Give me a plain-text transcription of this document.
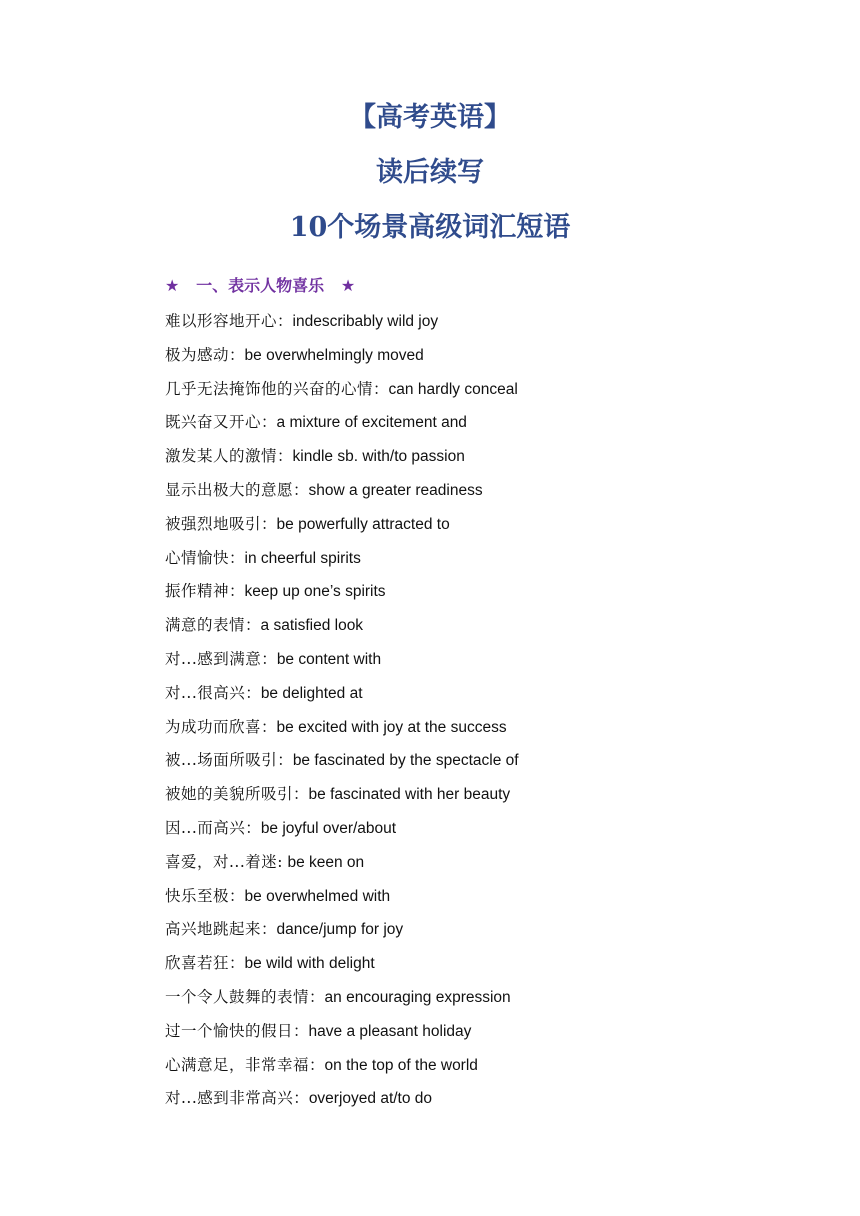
【高考英语】
读后续写
10个场景高级词汇短语
★ 一、表示人物喜乐 ★
难以形容地开心：indescribably wild joy
极为感动：be overwhelmingly moved
几乎无法掩饰他的兴奋的心情：can hardly conceal
既兴奋又开心：a mixture of excitement and
激发某人的激情：kindle sb. with/to passion
显示出极大的意愿：show a greater readiness
被强烈地吸引：be powerfully attracted to
心情愉快：in cheerful spirits
振作精神：keep up one’s spirits
满意的表情：a satisfied look
对...感到满意：be content with
对...很高兴：be delighted at
为成功而欣喜：be excited with joy at the success
被...场面所吸引：be fascinated by the spectacle of
被她的美貌所吸引：be fascinated with her beauty
因...而高兴：be joyful over/about
喜爱，对...着迷: be keen on
快乐至极：be overwhelmed with
高兴地跳起来：dance/jump for joy
欣喜若狂：be wild with delight
一个令人鼓舞的表情：an encouraging expression
过一个愉快的假日：have a pleasant holiday
心满意足，非常幸福：on the top of the world
对...感到非常高兴：overjoyed at/to do
